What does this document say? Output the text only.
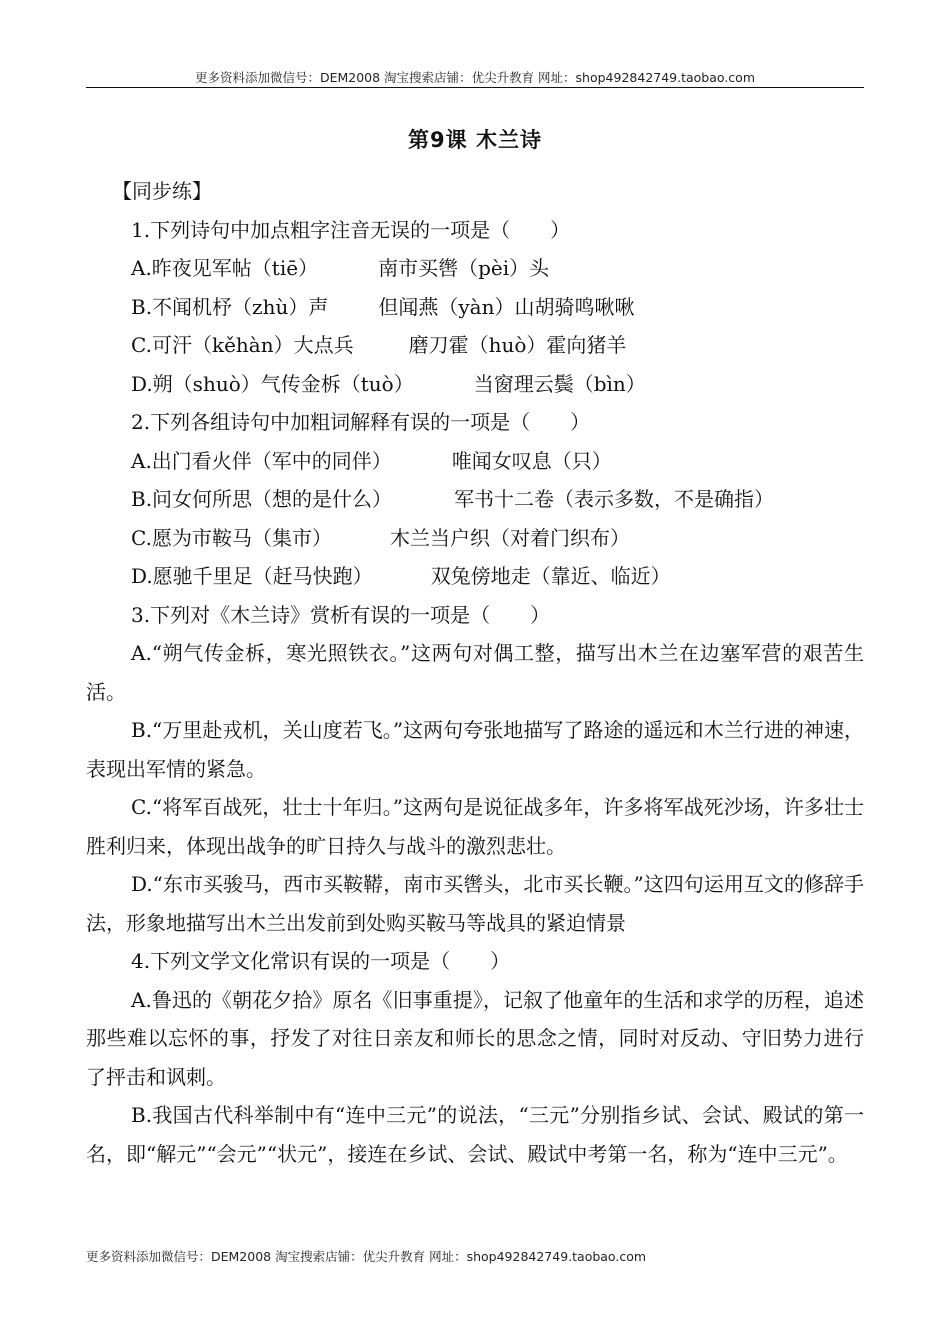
更多资料添加微信号：DEM2008 淘宝搜索店铺：优尖升教育 网址：shop492842749.taobao.com
第9课 木兰诗

【同步练】

1.下列诗句中加点粗字注音无误的一项是（　　）

A.昨夜见军帖（tiē）	南市买辔（pèi）头
B.不闻机杼（zhù）声	但闻燕（yàn）山胡骑鸣啾啾
C.可汗（kěhàn）大点兵	磨刀霍（huò）霍向猪羊
D.朔（shuò）气传金柝（tuò）	当窗理云鬓（bìn）

2.下列各组诗句中加粗词解释有误的一项是（　　）

A.出门看火伴（军中的同伴）	唯闻女叹息（只）
B.问女何所思（想的是什么）	军书十二卷（表示多数，不是确指）
C.愿为市鞍马（集市）	木兰当户织（对着门织布）
D.愿驰千里足（赶马快跑）	双兔傍地走（靠近、临近）

3.下列对《木兰诗》赏析有误的一项是（　　）

A.“朔气传金柝，寒光照铁衣。”这两句对偶工整，描写出木兰在边塞军营的艰苦生活。

B.“万里赴戎机，关山度若飞。”这两句夸张地描写了路途的遥远和木兰行进的神速，表现出军情的紧急。

C.“将军百战死，壮士十年归。”这两句是说征战多年，许多将军战死沙场，许多壮士胜利归来，体现出战争的旷日持久与战斗的激烈悲壮。

D.“东市买骏马，西市买鞍鞯，南市买辔头，北市买长鞭。”这四句运用互文的修辞手法，形象地描写出木兰出发前到处购买鞍马等战具的紧迫情景

4.下列文学文化常识有误的一项是（　　）

A.鲁迅的《朝花夕拾》原名《旧事重提》，记叙了他童年的生活和求学的历程，追述那些难以忘怀的事，抒发了对往日亲友和师长的思念之情，同时对反动、守旧势力进行了抨击和讽刺。

B.我国古代科举制中有“连中三元”的说法，“三元”分别指乡试、会试、殿试的第一名，即“解元”“会元”“状元”，接连在乡试、会试、殿试中考第一名，称为“连中三元”。

更多资料添加微信号：DEM2008 淘宝搜索店铺：优尖升教育 网址：shop492842749.taobao.com
